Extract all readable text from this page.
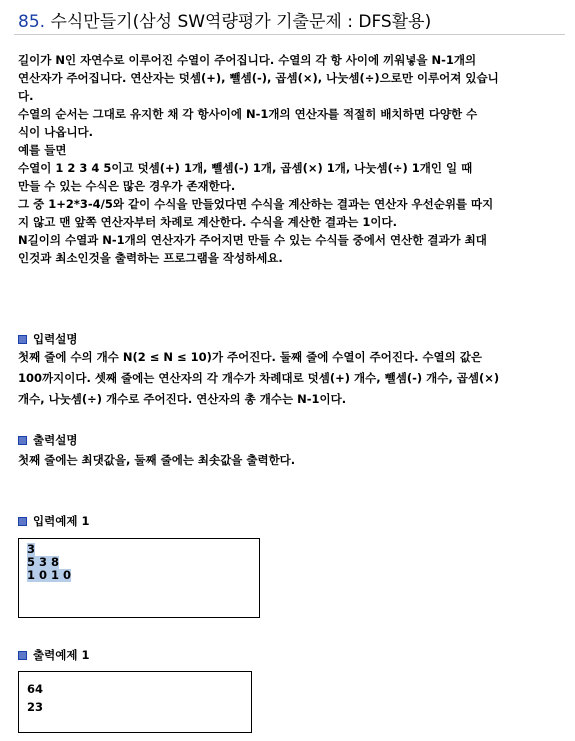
85. 수식만들기(삼성 SW역량평가 기출문제 : DFS활용)
길이가 N인 자연수로 이루어진 수열이 주어집니다. 수열의 각 항 사이에 끼워넣을 N-1개의
연산자가 주어집니다. 연산자는 덧셈(+), 뺄셈(-), 곱셈(×), 나눗셈(÷)으로만 이루어져 있습니
다.
수열의 순서는 그대로 유지한 채 각 항사이에 N-1개의 연산자를 적절히 배치하면 다양한 수
식이 나옵니다.
예를 들면
수열이 1 2 3 4 5이고 덧셈(+) 1개, 뺄셈(-) 1개, 곱셈(×) 1개, 나눗셈(÷) 1개인 일 때
만들 수 있는 수식은 많은 경우가 존재한다.
그 중 1+2*3-4/5와 같이 수식을 만들었다면 수식을 계산하는 결과는 연산자 우선순위를 따지
지 않고 맨 앞쪽 연산자부터 차례로 계산한다. 수식을 계산한 결과는 1이다.
N길이의 수열과 N-1개의 연산자가 주어지면 만들 수 있는 수식들 중에서 연산한 결과가 최대
인것과 최소인것을 출력하는 프로그램을 작성하세요.
입력설명
첫째 줄에 수의 개수 N(2 ≤ N ≤ 10)가 주어진다. 둘째 줄에 수열이 주어진다. 수열의 값은
100까지이다. 셋째 줄에는 연산자의 각 개수가 차례대로 덧셈(+) 개수, 뺄셈(-) 개수, 곱셈(×)
개수, 나눗셈(÷) 개수로 주어진다. 연산자의 총 개수는 N-1이다.
출력설명
첫째 줄에는 최댓값을, 둘째 줄에는 최솟값을 출력한다.
입력예제 1
3
5 3 8
1 0 1 0
출력예제 1
64
23
